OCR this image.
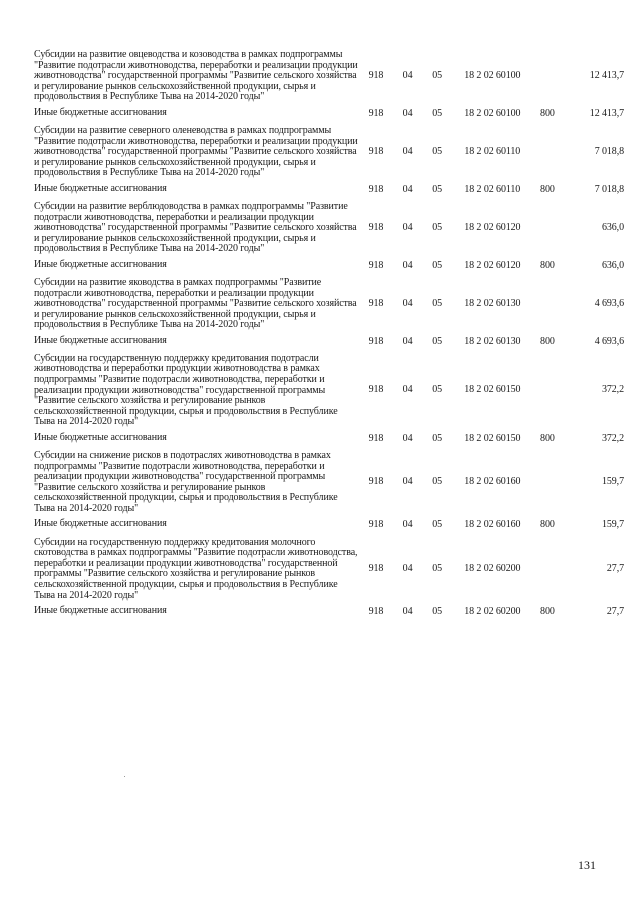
Субсидии на развитие овцеводства и козоводства в рамках подпрограммы "Развитие подотрасли животноводства, переработки и реализации продукции животноводства" государственной программы "Развитие сельского хозяйства и регулирование рынков сельскохозяйственной продукции, сырья и продовольствия в Республике Тыва на 2014-2020 годы"	918	04	05	18 2 02 60100		12 413,7
Иные бюджетные ассигнования	918	04	05	18 2 02 60100	800	12 413,7
Субсидии на развитие северного оленеводства в рамках подпрограммы "Развитие подотрасли животноводства, переработки и реализации продукции животноводства" государственной программы "Развитие сельского хозяйства и регулирование рынков сельскохозяйственной продукции, сырья и продовольствия в Республике Тыва на 2014-2020 годы"	918	04	05	18 2 02 60110		7 018,8
Иные бюджетные ассигнования	918	04	05	18 2 02 60110	800	7 018,8
Субсидии на развитие верблюдоводства в рамках подпрограммы "Развитие подотрасли животноводства, переработки и реализации продукции животноводства" государственной программы "Развитие сельского хозяйства и регулирование рынков сельскохозяйственной продукции, сырья и продовольствия в Республике Тыва на 2014-2020 годы"	918	04	05	18 2 02 60120		636,0
Иные бюджетные ассигнования	918	04	05	18 2 02 60120	800	636,0
Субсидии на развитие яководства в рамках подпрограммы "Развитие подотрасли животноводства, переработки и реализации продукции животноводства" государственной программы "Развитие сельского хозяйства и регулирование рынков сельскохозяйственной продукции, сырья и продовольствия в Республике Тыва на 2014-2020 годы"	918	04	05	18 2 02 60130		4 693,6
Иные бюджетные ассигнования	918	04	05	18 2 02 60130	800	4 693,6
Субсидии на государственную поддержку кредитования подотрасли животноводства и переработки продукции животноводства в рамках подпрограммы "Развитие подотрасли животноводства, переработки и реализации продукции животноводства" государственной программы "Развитие сельского хозяйства и регулирование рынков сельскохозяйственной продукции, сырья и продовольствия в Республике Тыва на 2014-2020 годы"	918	04	05	18 2 02 60150		372,2
Иные бюджетные ассигнования	918	04	05	18 2 02 60150	800	372,2
Субсидии на снижение рисков в подотраслях животноводства в рамках подпрограммы "Развитие подотрасли животноводства, переработки и реализации продукции животноводства" государственной программы "Развитие сельского хозяйства и регулирование рынков сельскохозяйственной продукции, сырья и продовольствия в Республике Тыва на 2014-2020 годы"	918	04	05	18 2 02 60160		159,7
Иные бюджетные ассигнования	918	04	05	18 2 02 60160	800	159,7
Субсидии на государственную поддержку кредитования молочного скотоводства в рамках подпрограммы "Развитие подотрасли животноводства, переработки и реализации продукции животноводства" государственной программы "Развитие сельского хозяйства и регулирование рынков сельскохозяйственной продукции, сырья и продовольствия в Республике Тыва на 2014-2020 годы"	918	04	05	18 2 02 60200		27,7
Иные бюджетные ассигнования	918	04	05	18 2 02 60200	800	27,7
131
